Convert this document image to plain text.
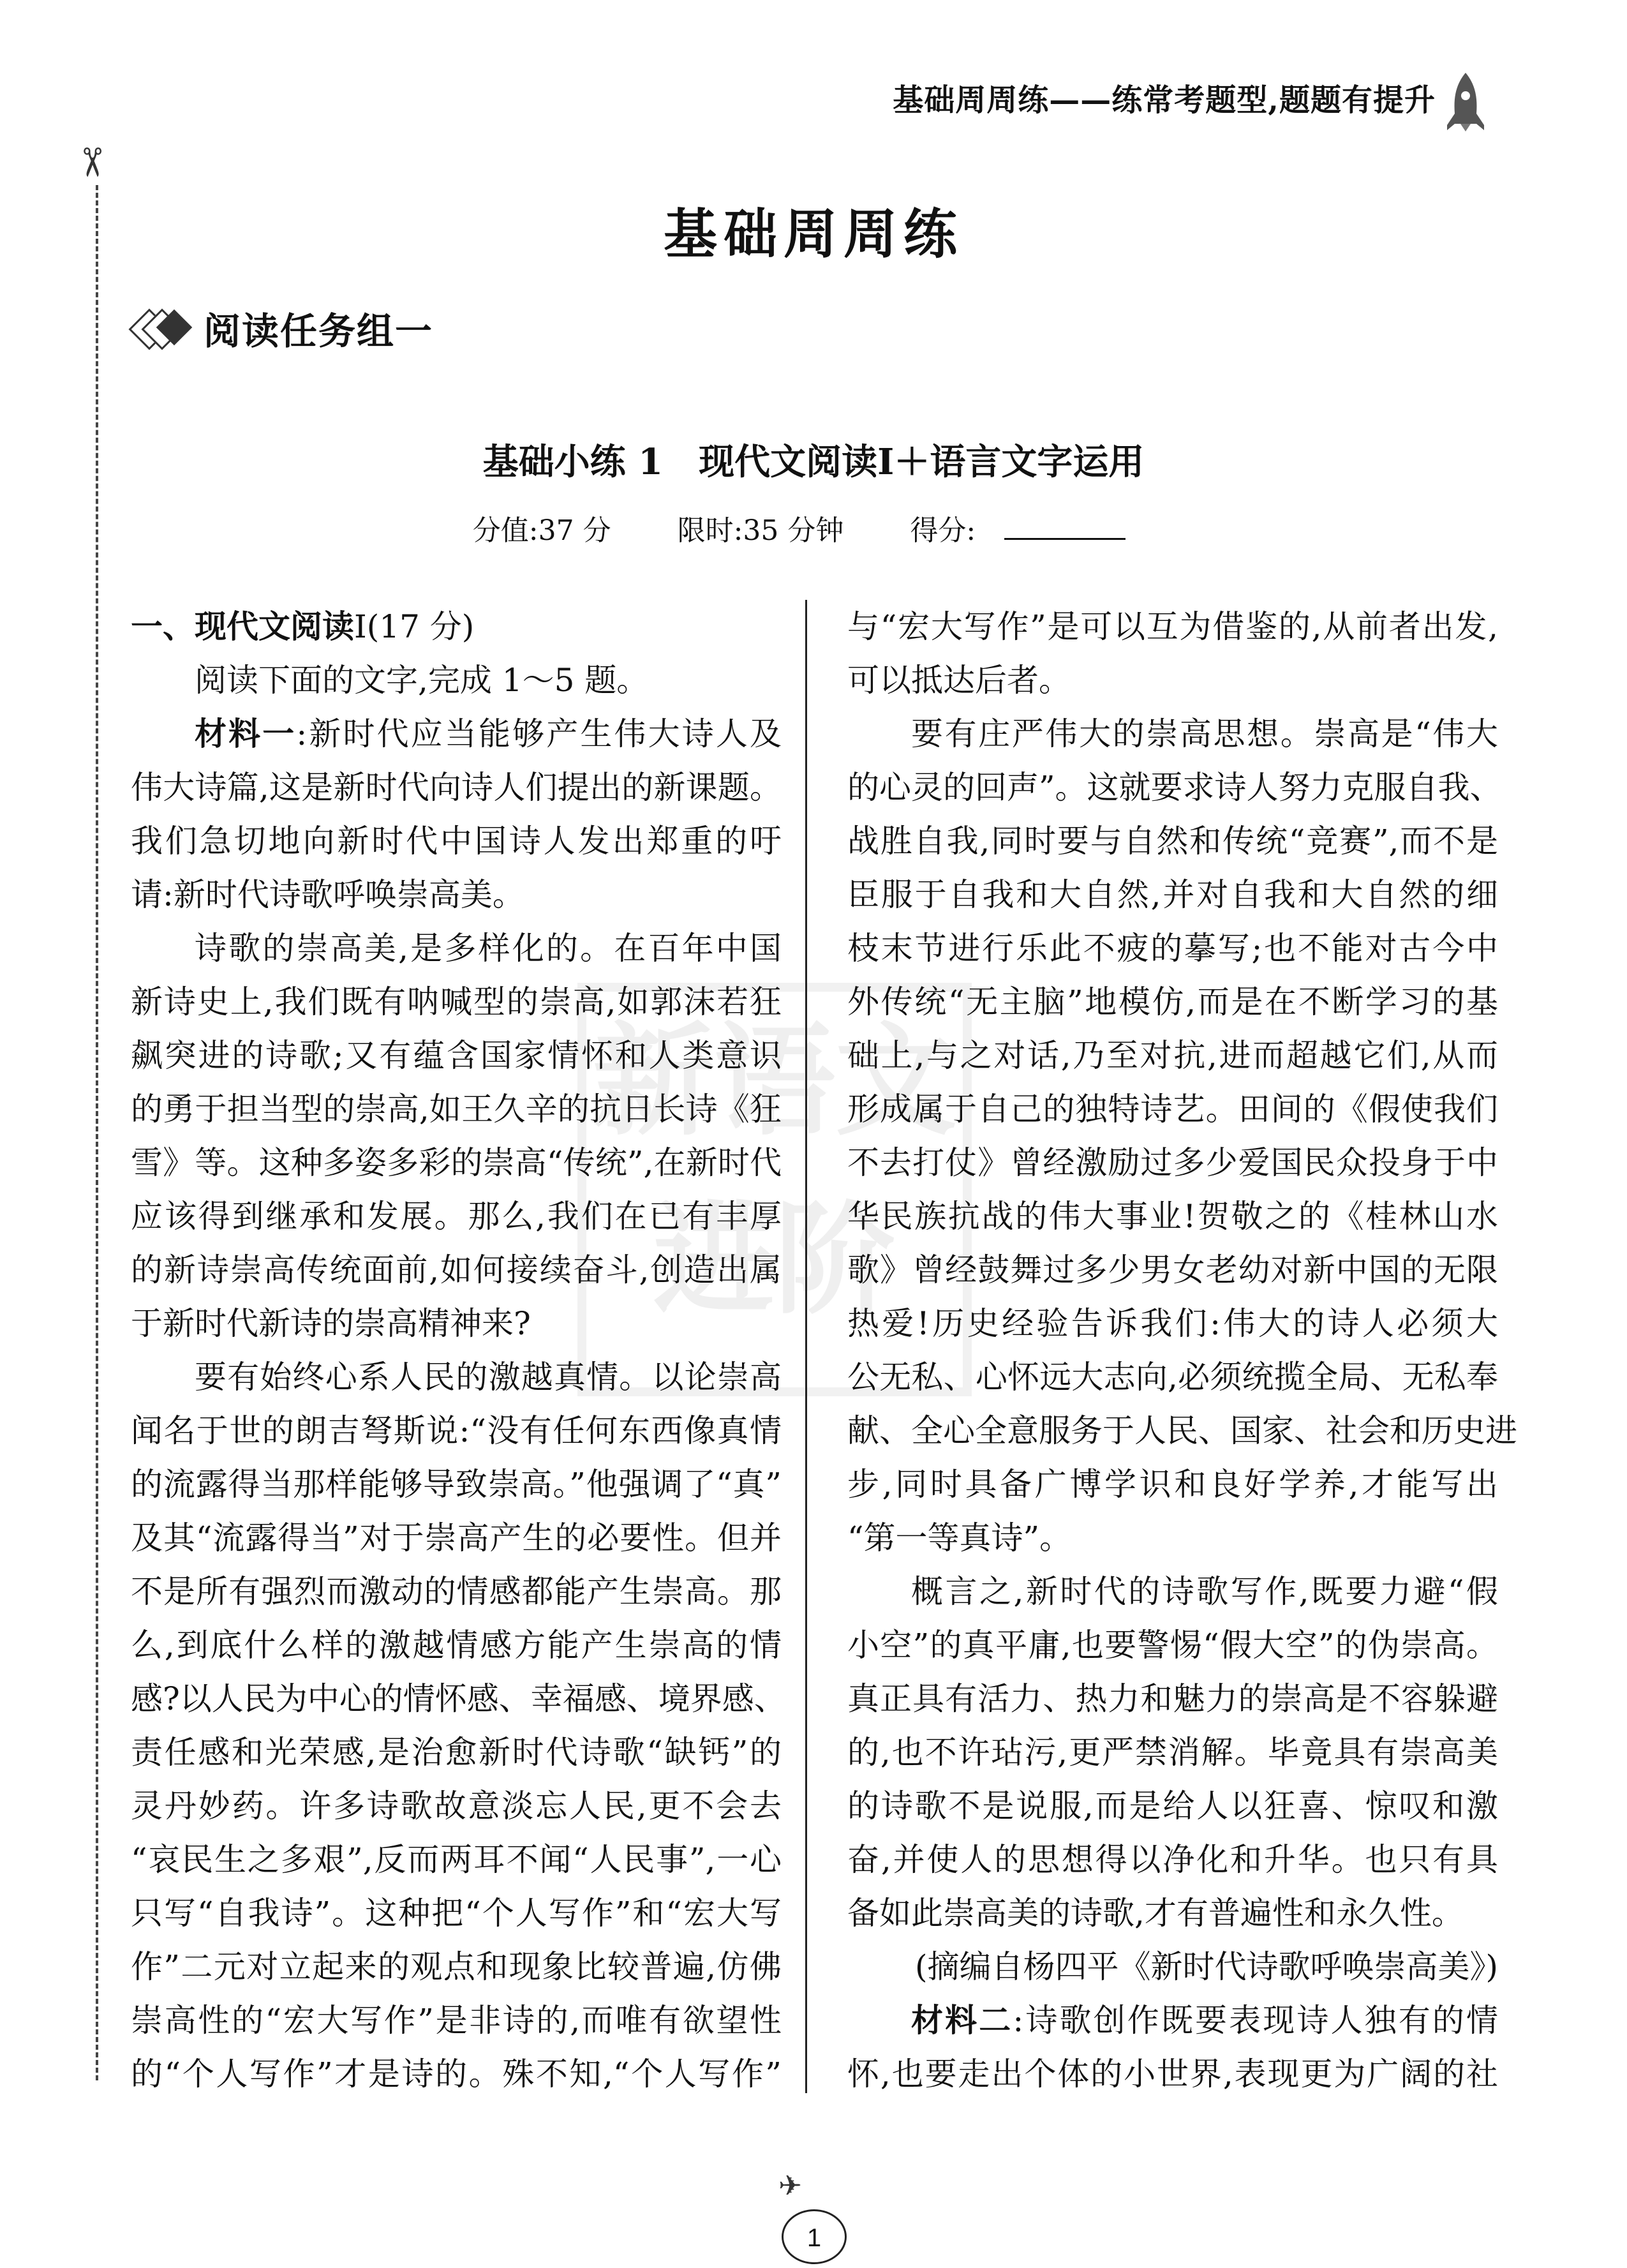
基础周周练——练常考题型,题题有提升
✂
基础周周练
阅读任务组一
基础小练 1　现代文阅读Ⅰ＋语言文字运用
分值:37 分 限时:35 分钟 得分:
新语文
进阶
一、现代文阅读Ⅰ(17 分)
阅读下面的文字,完成 1～5 题。
材料一:新时代应当能够产生伟大诗人及
伟大诗篇,这是新时代向诗人们提出的新课题。
我们急切地向新时代中国诗人发出郑重的吁
请:新时代诗歌呼唤崇高美。
诗歌的崇高美,是多样化的。在百年中国
新诗史上,我们既有呐喊型的崇高,如郭沫若狂
飙突进的诗歌;又有蕴含国家情怀和人类意识
的勇于担当型的崇高,如王久辛的抗日长诗《狂
雪》等。这种多姿多彩的崇高“传统”,在新时代
应该得到继承和发展。那么,我们在已有丰厚
的新诗崇高传统面前,如何接续奋斗,创造出属
于新时代新诗的崇高精神来?
要有始终心系人民的激越真情。以论崇高
闻名于世的朗吉弩斯说:“没有任何东西像真情
的流露得当那样能够导致崇高。”他强调了“真”
及其“流露得当”对于崇高产生的必要性。但并
不是所有强烈而激动的情感都能产生崇高。那
么,到底什么样的激越情感方能产生崇高的情
感?以人民为中心的情怀感、幸福感、境界感、
责任感和光荣感,是治愈新时代诗歌“缺钙”的
灵丹妙药。许多诗歌故意淡忘人民,更不会去
“哀民生之多艰”,反而两耳不闻“人民事”,一心
只写“自我诗”。这种把“个人写作”和“宏大写
作”二元对立起来的观点和现象比较普遍,仿佛
崇高性的“宏大写作”是非诗的,而唯有欲望性
的“个人写作”才是诗的。殊不知,“个人写作”
与“宏大写作”是可以互为借鉴的,从前者出发,
可以抵达后者。
要有庄严伟大的崇高思想。崇高是“伟大
的心灵的回声”。这就要求诗人努力克服自我、
战胜自我,同时要与自然和传统“竞赛”,而不是
臣服于自我和大自然,并对自我和大自然的细
枝末节进行乐此不疲的摹写;也不能对古今中
外传统“无主脑”地模仿,而是在不断学习的基
础上,与之对话,乃至对抗,进而超越它们,从而
形成属于自己的独特诗艺。田间的《假使我们
不去打仗》曾经激励过多少爱国民众投身于中
华民族抗战的伟大事业!贺敬之的《桂林山水
歌》曾经鼓舞过多少男女老幼对新中国的无限
热爱!历史经验告诉我们:伟大的诗人必须大
公无私、心怀远大志向,必须统揽全局、无私奉
献、全心全意服务于人民、国家、社会和历史进
步,同时具备广博学识和良好学养,才能写出
“第一等真诗”。
概言之,新时代的诗歌写作,既要力避“假
小空”的真平庸,也要警惕“假大空”的伪崇高。
真正具有活力、热力和魅力的崇高是不容躲避
的,也不许玷污,更严禁消解。毕竟具有崇高美
的诗歌不是说服,而是给人以狂喜、惊叹和激
奋,并使人的思想得以净化和升华。也只有具
备如此崇高美的诗歌,才有普遍性和永久性。
(摘编自杨四平《新时代诗歌呼唤崇高美》)
材料二:诗歌创作既要表现诗人独有的情
怀,也要走出个体的小世界,表现更为广阔的社
✈
1
